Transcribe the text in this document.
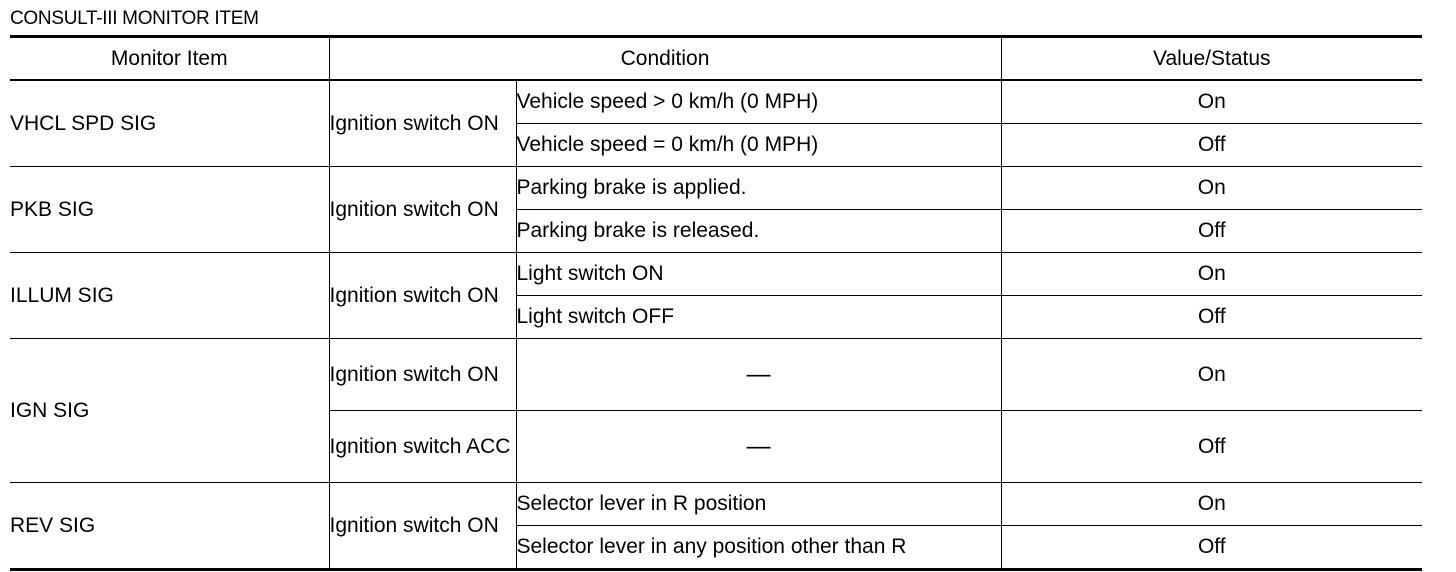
CONSULT-III MONITOR ITEM
Monitor Item	Condition		Value/Status
VHCL SPD SIG	Ignition switch ON	Vehicle speed > 0 km/h (0 MPH)	On
		Vehicle speed = 0 km/h (0 MPH)	Off
PKB SIG	Ignition switch ON	Parking brake is applied.	On
		Parking brake is released.	Off
ILLUM SIG	Ignition switch ON	Light switch ON	On
		Light switch OFF	Off
IGN SIG	Ignition switch ON	—	On
	Ignition switch ACC	—	Off
REV SIG	Ignition switch ON	Selector lever in R position	On
		Selector lever in any position other than R	Off
